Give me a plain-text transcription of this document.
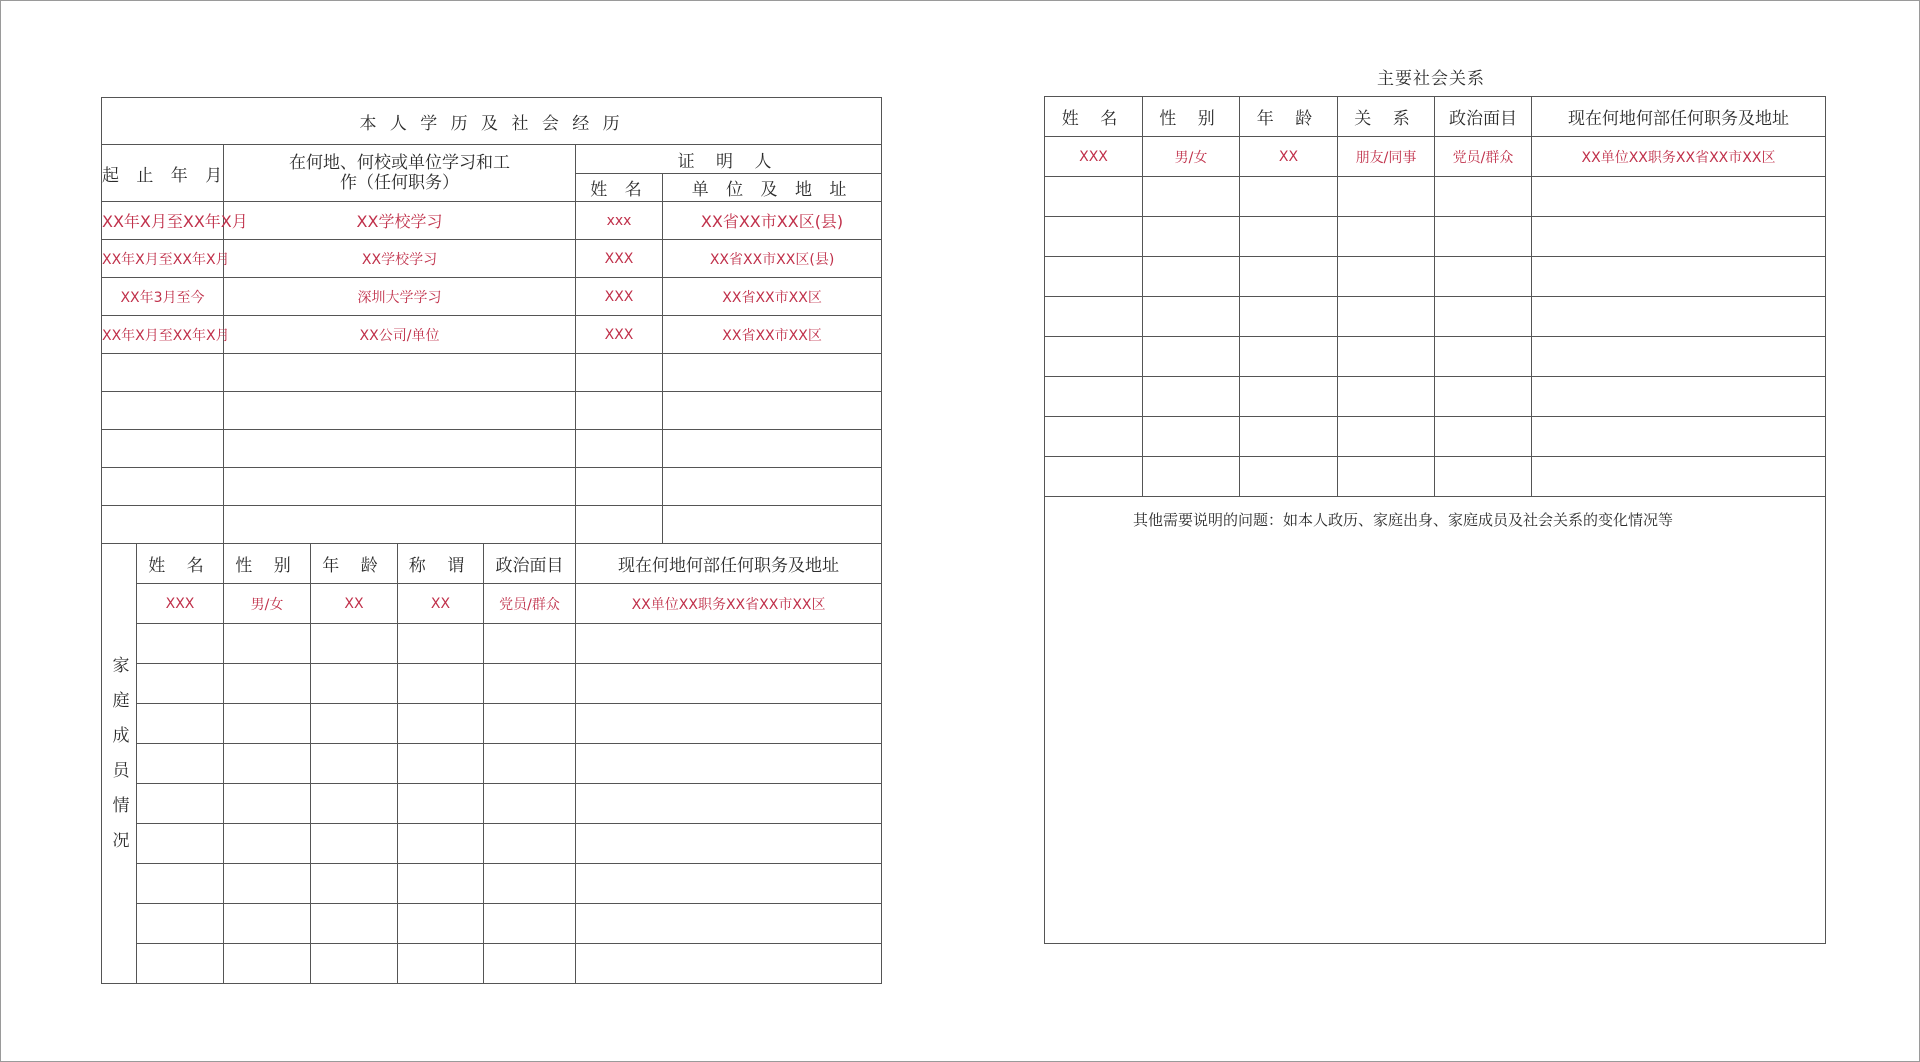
本 人 学 历 及 社 会 经 历							
起 止 年 月		在何地、何校或单位学习和工作（任何职务）				证 明 人	
						姓 名	单 位 及 地 址
XX年X月至XX年X月		XX学校学习				xxx	XX省XX市XX区(县)
XX年X月至XX年X月		XX学校学习				XXX	XX省XX市XX区(县)
XX年3月至今		深圳大学学习				XXX	XX省XX市XX区
XX年X月至XX年X月		XX公司/单位				XXX	XX省XX市XX区

家庭成员情况	姓 名	性 别	年 龄	称 谓	政治面目	现在何地何部任何职务及地址	
	XXX	男/女	XX	XX	党员/群众	XX单位XX职务XX省XX市XX区	

主要社会关系
姓 名	性 别	年 龄	关 系	政治面目	现在何地何部任何职务及地址
XXX	男/女	XX	朋友/同事	党员/群众	XX单位XX职务XX省XX市XX区

其他需要说明的问题：如本人政历、家庭出身、家庭成员及社会关系的变化情况等					
